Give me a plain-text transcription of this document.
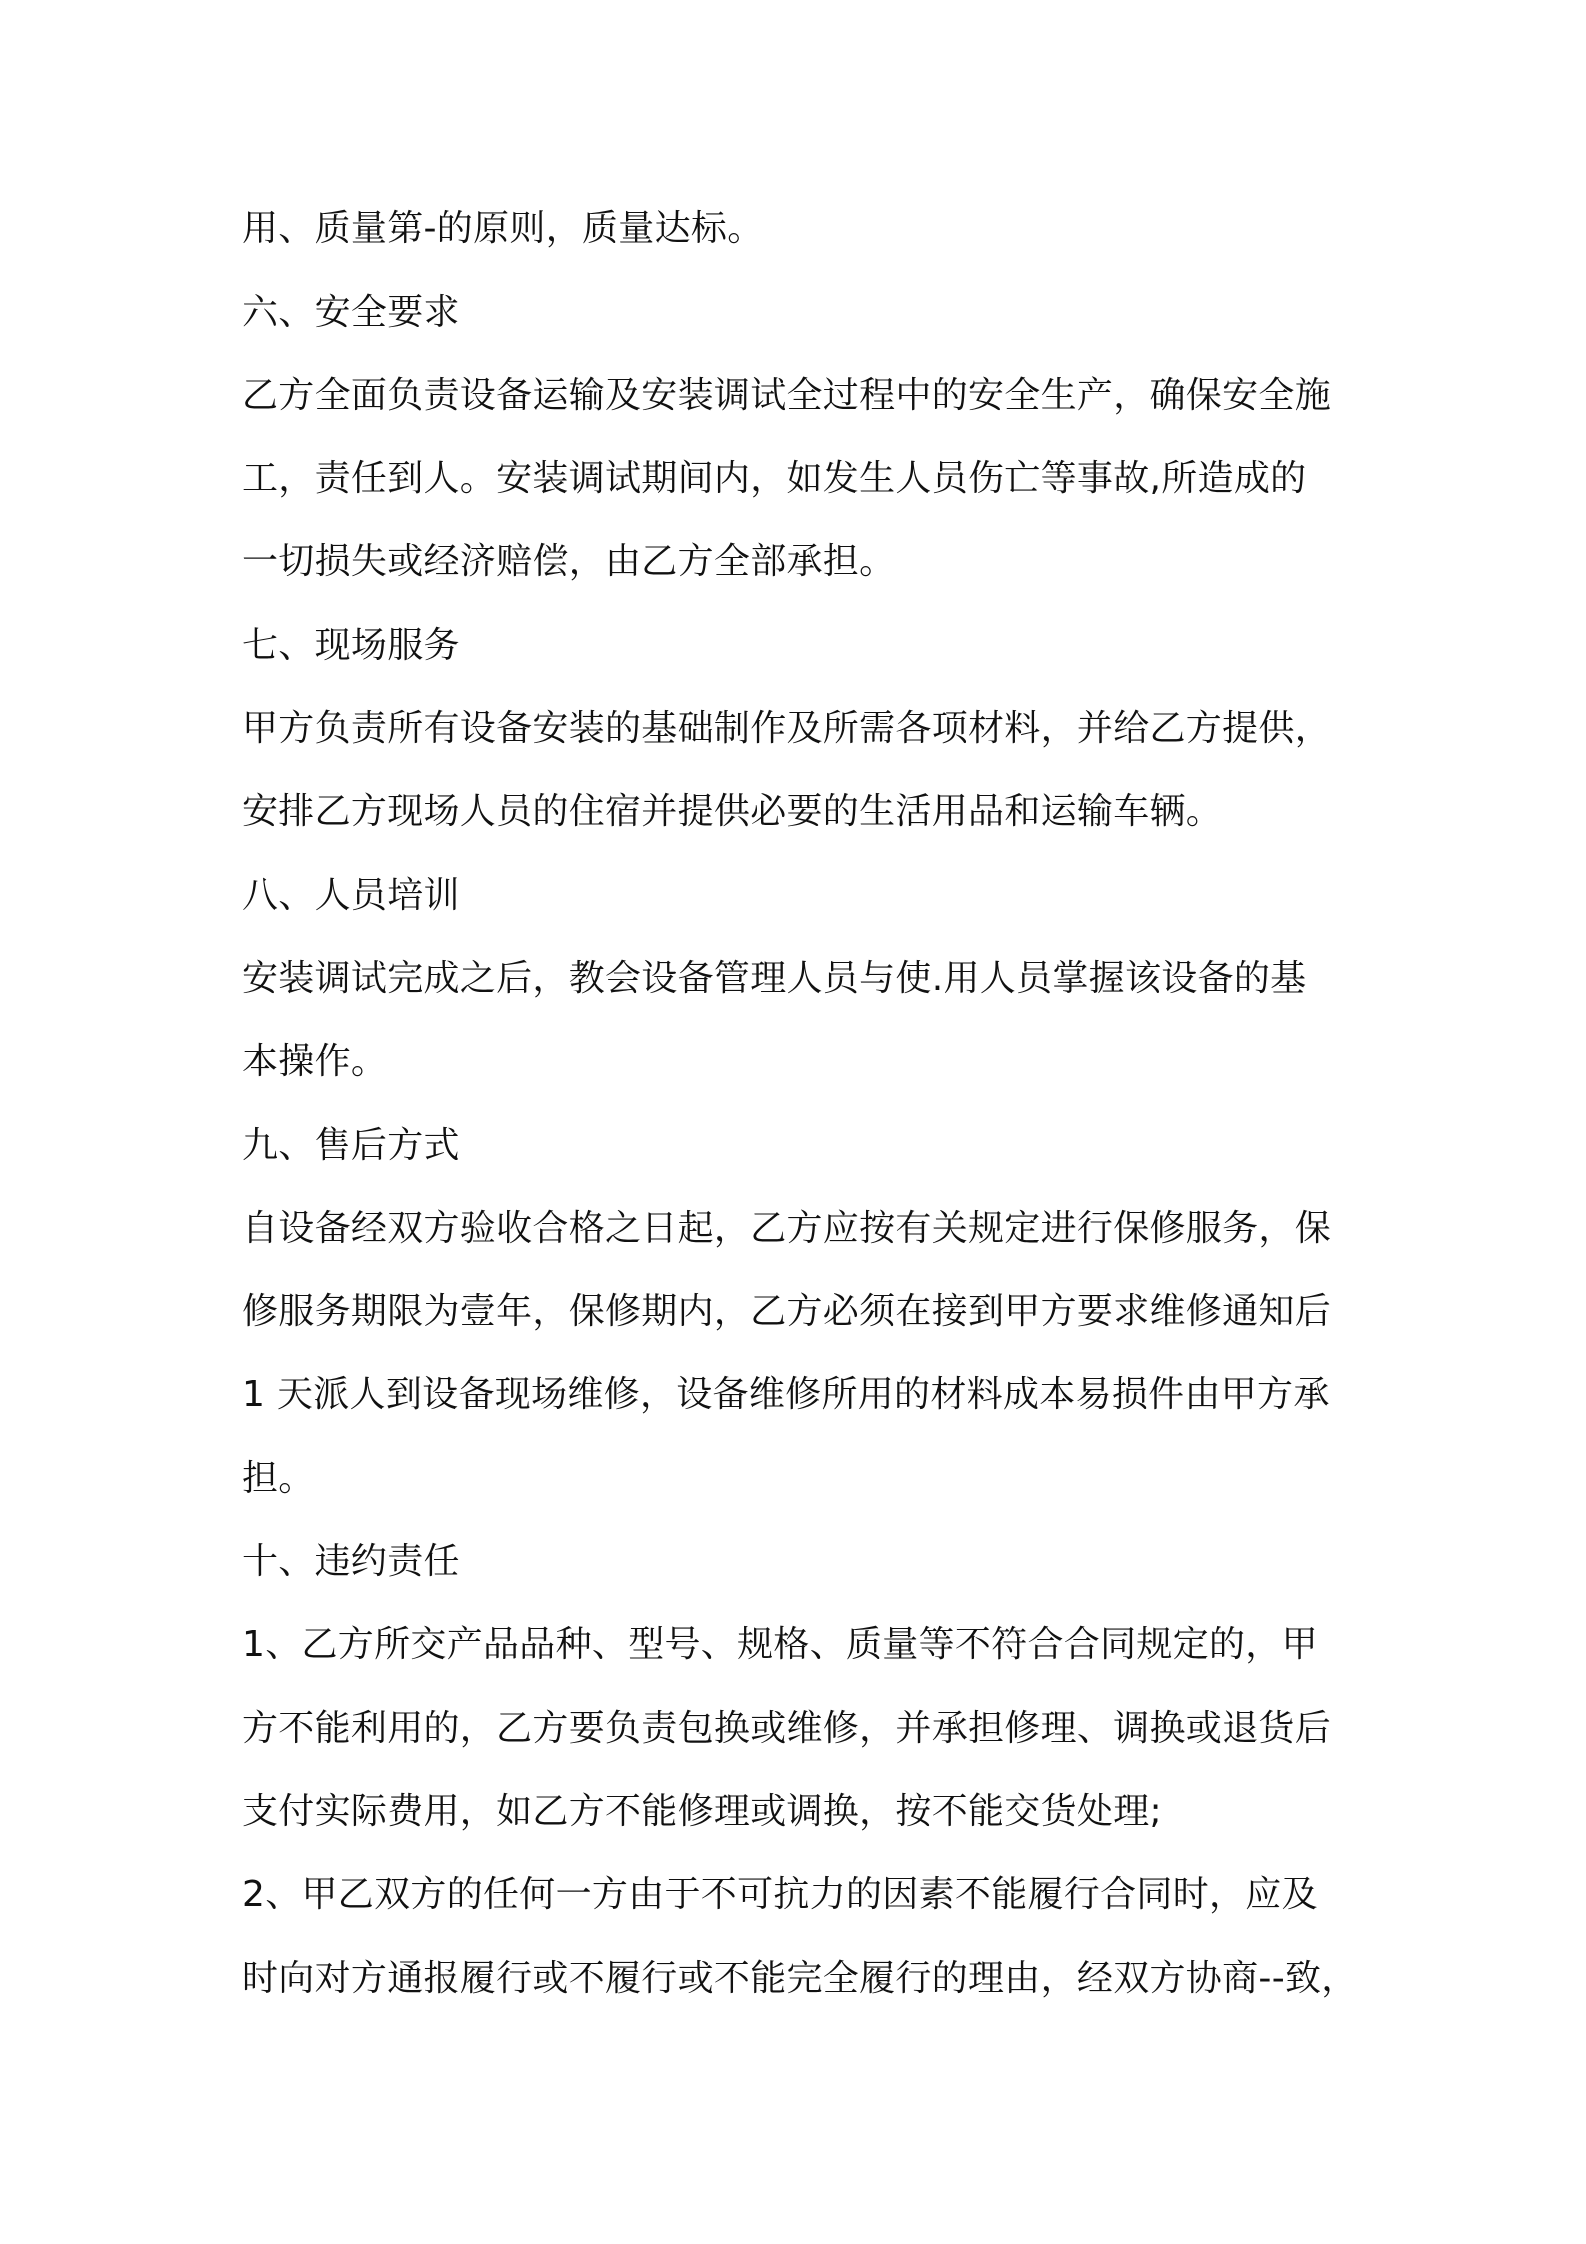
用、质量第-的原则，质量达标。
六、安全要求
乙方全面负责设备运输及安装调试全过程中的安全生产，确保安全施
工，责任到人。安装调试期间内，如发生人员伤亡等事故,所造成的
一切损失或经济赔偿，由乙方全部承担。
七、现场服务
甲方负责所有设备安装的基础制作及所需各项材料，并给乙方提供，
安排乙方现场人员的住宿并提供必要的生活用品和运输车辆。
八、人员培训
安装调试完成之后，教会设备管理人员与使.用人员掌握该设备的基
本操作。
九、售后方式
自设备经双方验收合格之日起，乙方应按有关规定进行保修服务，保
修服务期限为壹年，保修期内，乙方必须在接到甲方要求维修通知后
1 天派人到设备现场维修，设备维修所用的材料成本易损件由甲方承
担。
十、违约责任
1、乙方所交产品品种、型号、规格、质量等不符合合同规定的，甲
方不能利用的，乙方要负责包换或维修，并承担修理、调换或退货后
支付实际费用，如乙方不能修理或调换，按不能交货处理;
2、甲乙双方的任何一方由于不可抗力的因素不能履行合同时，应及
时向对方通报履行或不履行或不能完全履行的理由，经双方协商--致，
